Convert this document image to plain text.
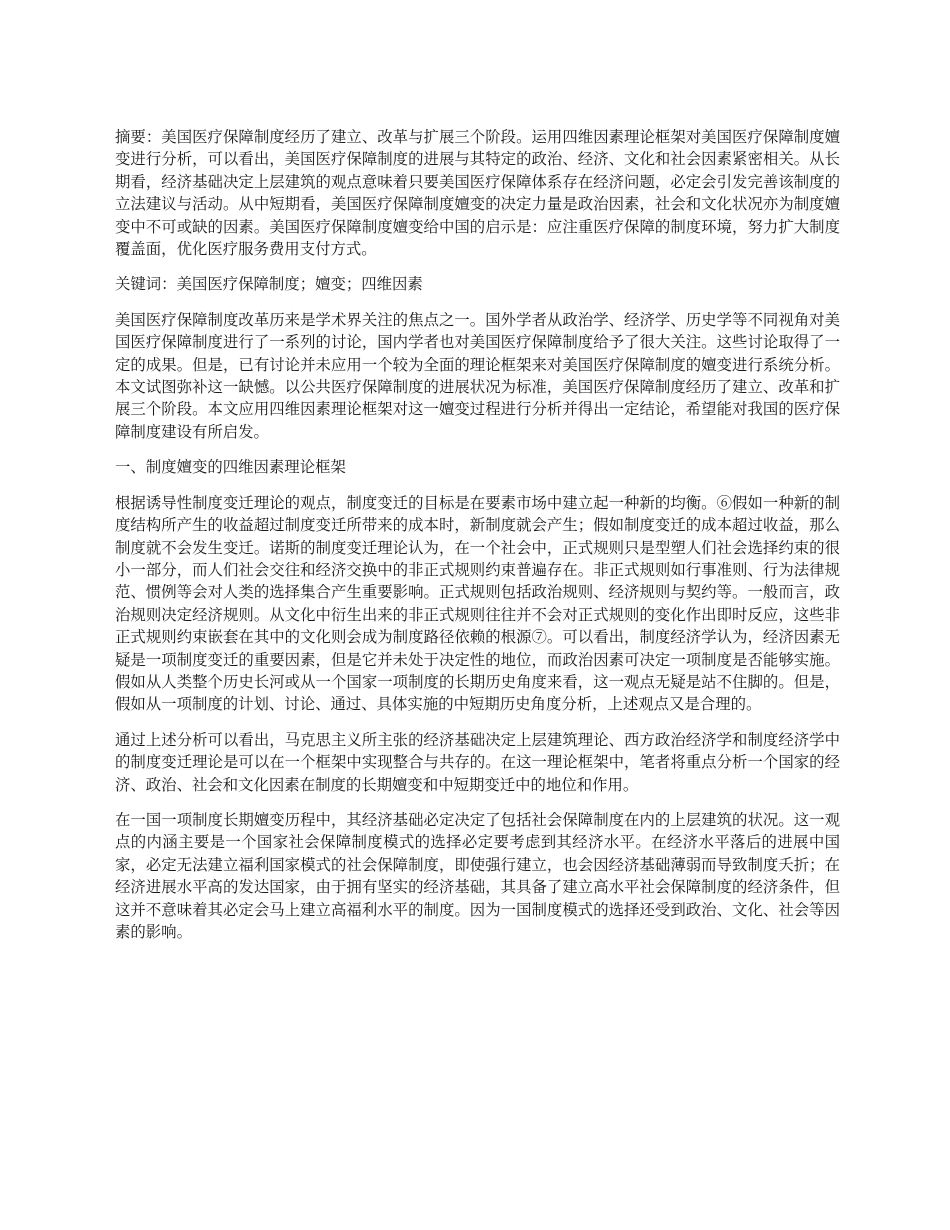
摘要：美国医疗保障制度经历了建立、改革与扩展三个阶段。运用四维因素理论框架对美国医疗保障制度嬗变进行分析，可以看出，美国医疗保障制度的进展与其特定的政治、经济、文化和社会因素紧密相关。从长期看，经济基础决定上层建筑的观点意味着只要美国医疗保障体系存在经济问题，必定会引发完善该制度的立法建议与活动。从中短期看，美国医疗保障制度嬗变的决定力量是政治因素，社会和文化状况亦为制度嬗变中不可或缺的因素。美国医疗保障制度嬗变给中国的启示是：应注重医疗保障的制度环境，努力扩大制度覆盖面，优化医疗服务费用支付方式。

关键词：美国医疗保障制度；嬗变；四维因素

美国医疗保障制度改革历来是学术界关注的焦点之一。国外学者从政治学、经济学、历史学等不同视角对美国医疗保障制度进行了一系列的讨论，国内学者也对美国医疗保障制度给予了很大关注。这些讨论取得了一定的成果。但是，已有讨论并未应用一个较为全面的理论框架来对美国医疗保障制度的嬗变进行系统分析。本文试图弥补这一缺憾。以公共医疗保障制度的进展状况为标准，美国医疗保障制度经历了建立、改革和扩展三个阶段。本文应用四维因素理论框架对这一嬗变过程进行分析并得出一定结论，希望能对我国的医疗保障制度建设有所启发。

一、制度嬗变的四维因素理论框架

根据诱导性制度变迁理论的观点，制度变迁的目标是在要素市场中建立起一种新的均衡。⑥假如一种新的制度结构所产生的收益超过制度变迁所带来的成本时，新制度就会产生；假如制度变迁的成本超过收益，那么制度就不会发生变迁。诺斯的制度变迁理论认为，在一个社会中，正式规则只是型塑人们社会选择约束的很小一部分，而人们社会交往和经济交换中的非正式规则约束普遍存在。非正式规则如行事准则、行为法律规范、惯例等会对人类的选择集合产生重要影响。正式规则包括政治规则、经济规则与契约等。一般而言，政治规则决定经济规则。从文化中衍生出来的非正式规则往往并不会对正式规则的变化作出即时反应，这些非正式规则约束嵌套在其中的文化则会成为制度路径依赖的根源⑦。可以看出，制度经济学认为，经济因素无疑是一项制度变迁的重要因素，但是它并未处于决定性的地位，而政治因素可决定一项制度是否能够实施。假如从人类整个历史长河或从一个国家一项制度的长期历史角度来看，这一观点无疑是站不住脚的。但是，假如从一项制度的计划、讨论、通过、具体实施的中短期历史角度分析，上述观点又是合理的。

通过上述分析可以看出，马克思主义所主张的经济基础决定上层建筑理论、西方政治经济学和制度经济学中的制度变迁理论是可以在一个框架中实现整合与共存的。在这一理论框架中，笔者将重点分析一个国家的经济、政治、社会和文化因素在制度的长期嬗变和中短期变迁中的地位和作用。

在一国一项制度长期嬗变历程中，其经济基础必定决定了包括社会保障制度在内的上层建筑的状况。这一观点的内涵主要是一个国家社会保障制度模式的选择必定要考虑到其经济水平。在经济水平落后的进展中国家，必定无法建立福利国家模式的社会保障制度，即使强行建立，也会因经济基础薄弱而导致制度夭折；在经济进展水平高的发达国家，由于拥有坚实的经济基础，其具备了建立高水平社会保障制度的经济条件，但这并不意味着其必定会马上建立高福利水平的制度。因为一国制度模式的选择还受到政治、文化、社会等因素的影响。
